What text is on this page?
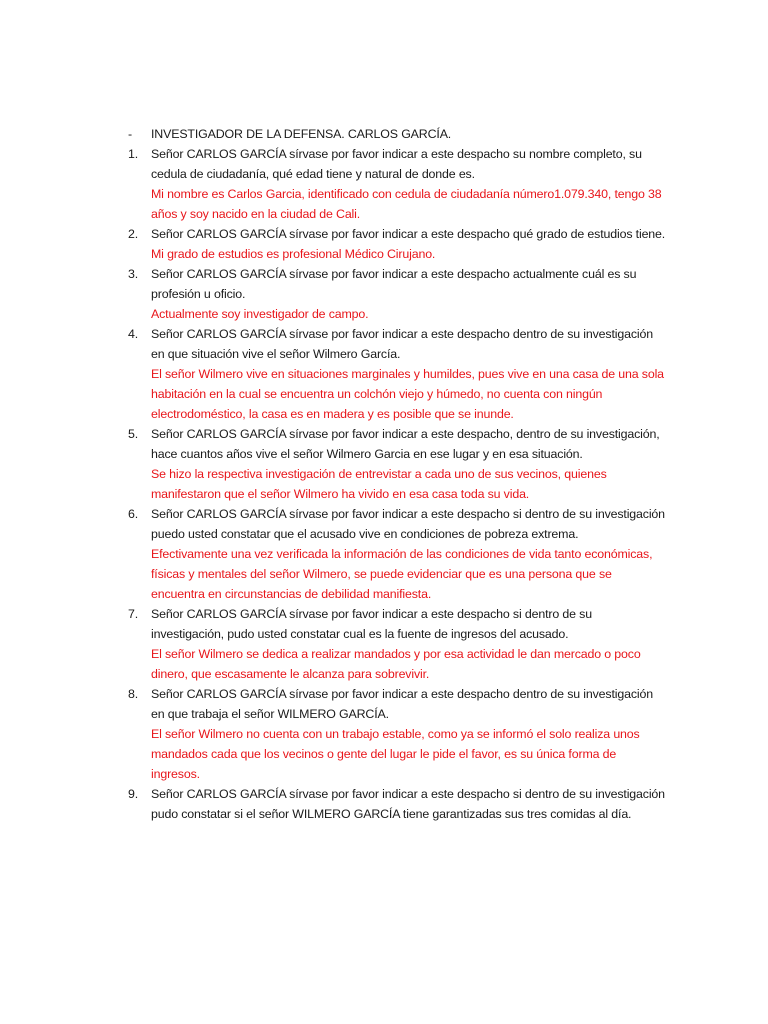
-	INVESTIGADOR DE LA DEFENSA. CARLOS GARCÍA.
1.	Señor CARLOS GARCÍA sírvase por favor indicar a este despacho su nombre completo, su cedula de ciudadanía, qué edad tiene y natural de donde es.
Mi nombre es Carlos Garcia, identificado con cedula de ciudadanía número1.079.340, tengo 38 años y soy nacido en la ciudad de Cali.
2.	Señor CARLOS GARCÍA sírvase por favor indicar a este despacho qué grado de estudios tiene.
Mi grado de estudios es profesional Médico Cirujano.
3.	Señor CARLOS GARCÍA sírvase por favor indicar a este despacho actualmente cuál es su profesión u oficio.
Actualmente soy investigador de campo.
4.	Señor CARLOS GARCÍA sírvase por favor indicar a este despacho dentro de su investigación en que situación vive el señor Wilmero García.
El señor Wilmero vive en situaciones marginales y humildes, pues vive en una casa de una sola habitación en la cual se encuentra un colchón viejo y húmedo, no cuenta con ningún electrodoméstico, la casa es en madera y es posible que se inunde.
5.	Señor CARLOS GARCÍA sírvase por favor indicar a este despacho, dentro de su investigación, hace cuantos años vive el señor Wilmero Garcia en ese lugar y en esa situación.
Se hizo la respectiva investigación de entrevistar a cada uno de sus vecinos, quienes manifestaron que el señor Wilmero ha vivido en esa casa toda su vida.
6.	Señor CARLOS GARCÍA sírvase por favor indicar a este despacho si dentro de su investigación puedo usted constatar que el acusado vive en condiciones de pobreza extrema.
Efectivamente una vez verificada la información de las condiciones de vida tanto económicas, físicas y mentales del señor Wilmero, se puede evidenciar que es una persona que se encuentra en circunstancias de debilidad manifiesta.
7.	Señor CARLOS GARCÍA sírvase por favor indicar a este despacho si dentro de su investigación, pudo usted constatar cual es la fuente de ingresos del acusado.
El señor Wilmero se dedica a realizar mandados y por esa actividad le dan mercado o poco dinero, que escasamente le alcanza para sobrevivir.
8.	Señor CARLOS GARCÍA sírvase por favor indicar a este despacho dentro de su investigación en que trabaja el señor WILMERO GARCÍA.
El señor Wilmero no cuenta con un trabajo estable, como ya se informó el solo realiza unos mandados cada que los vecinos o gente del lugar le pide el favor, es su única forma de ingresos.
9.	Señor CARLOS GARCÍA sírvase por favor indicar a este despacho si dentro de su investigación pudo constatar si el señor WILMERO GARCÍA tiene garantizadas sus tres comidas al día.
